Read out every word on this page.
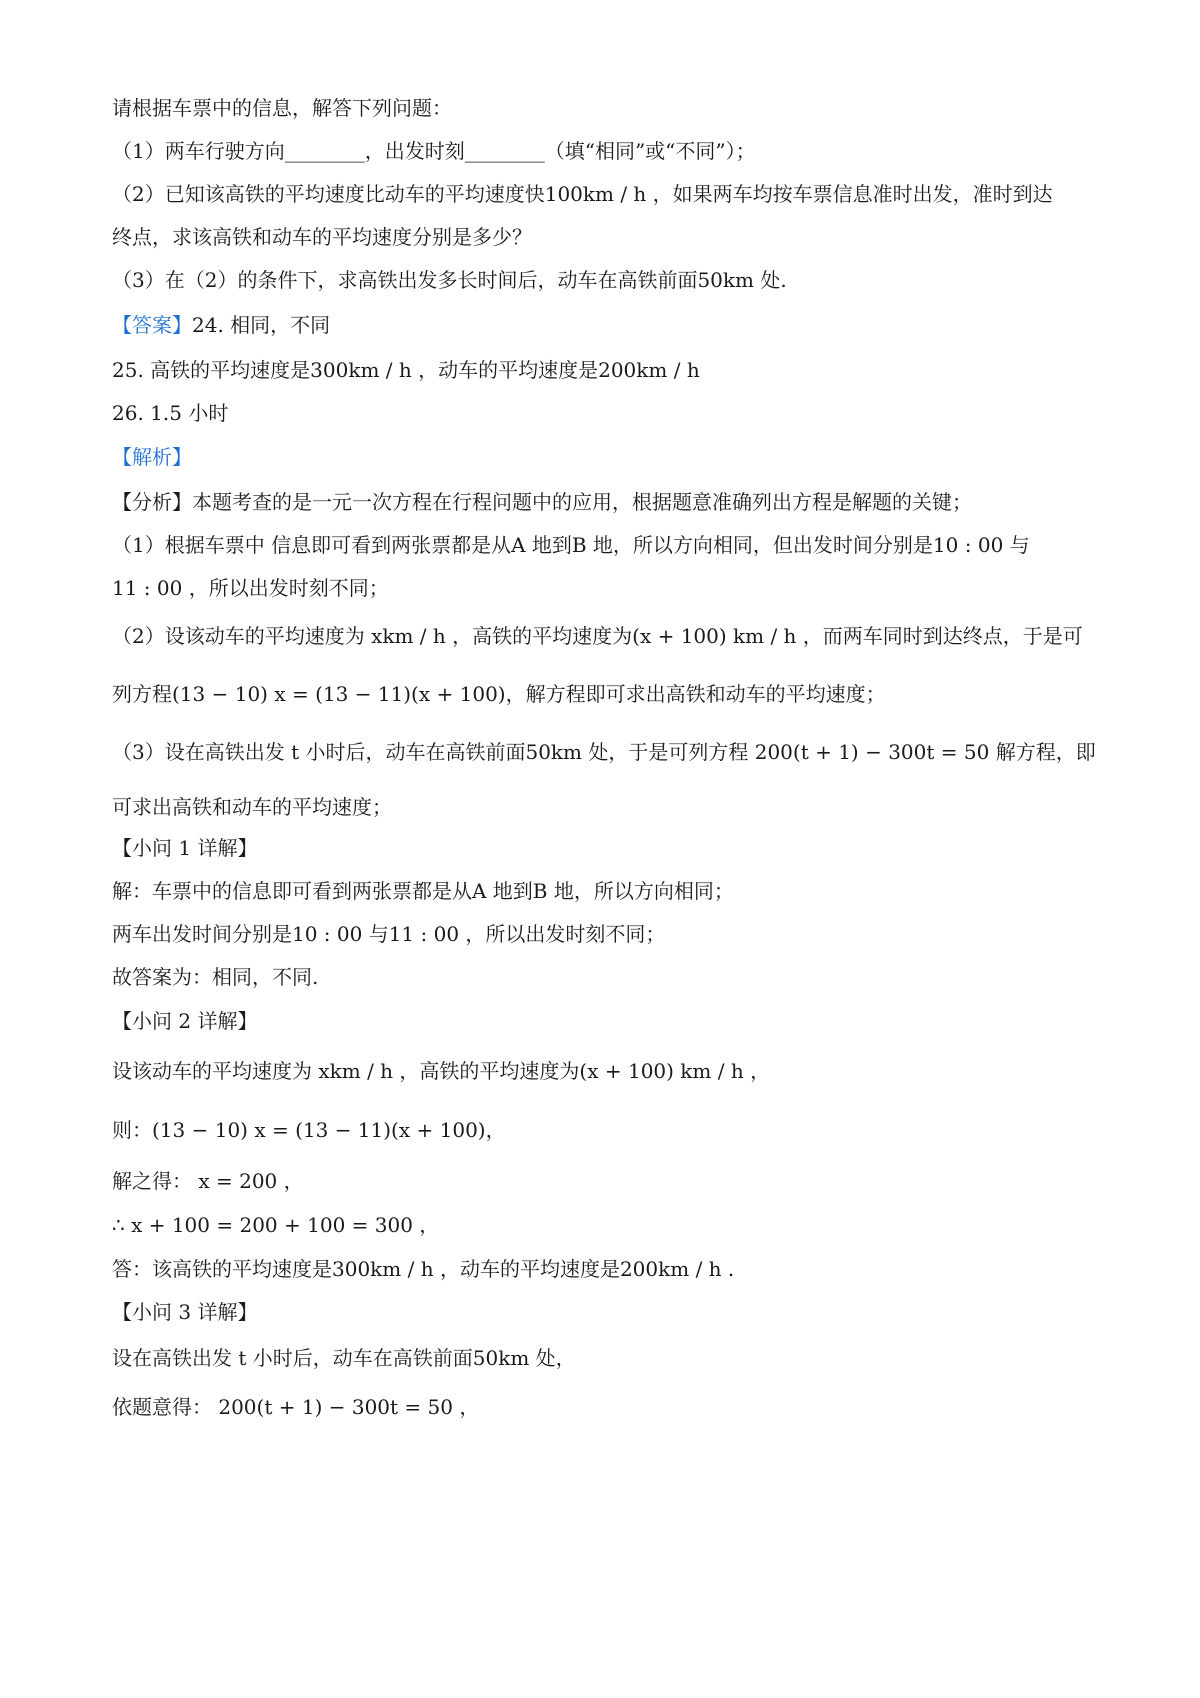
请根据车票中的信息，解答下列问题：
（1）两车行驶方向________，出发时刻________（填“相同”或“不同”）；
（2）已知该高铁的平均速度比动车的平均速度快100km / h ，如果两车均按车票信息准时出发，准时到达
终点，求该高铁和动车的平均速度分别是多少？
（3）在（2）的条件下，求高铁出发多长时间后，动车在高铁前面50km 处.
【答案】24. 相同，不同
25. 高铁的平均速度是300km / h ，动车的平均速度是200km / h
26. 1.5 小时
【解析】
【分析】本题考查的是一元一次方程在行程问题中的应用，根据题意准确列出方程是解题的关键；
（1）根据车票中 信息即可看到两张票都是从A 地到B 地，所以方向相同，但出发时间分别是10 : 00 与
11 : 00 ，所以出发时刻不同；
（2）设该动车的平均速度为 xkm / h ，高铁的平均速度为(x + 100) km / h ，而两车同时到达终点，于是可
列方程(13 − 10) x = (13 − 11)(x + 100)，解方程即可求出高铁和动车的平均速度；
（3）设在高铁出发 t 小时后，动车在高铁前面50km 处，于是可列方程 200(t + 1) − 300t = 50 解方程，即
可求出高铁和动车的平均速度；
【小问 1 详解】
解：车票中的信息即可看到两张票都是从A 地到B 地，所以方向相同；
两车出发时间分别是10 : 00 与11 : 00 ，所以出发时刻不同；
故答案为：相同，不同.
【小问 2 详解】
设该动车的平均速度为 xkm / h ，高铁的平均速度为(x + 100) km / h ，
则：(13 − 10) x = (13 − 11)(x + 100)，
解之得： x = 200 ，
∴ x + 100 = 200 + 100 = 300 ，
答：该高铁的平均速度是300km / h ，动车的平均速度是200km / h .
【小问 3 详解】
设在高铁出发 t 小时后，动车在高铁前面50km 处，
依题意得： 200(t + 1) − 300t = 50 ，
